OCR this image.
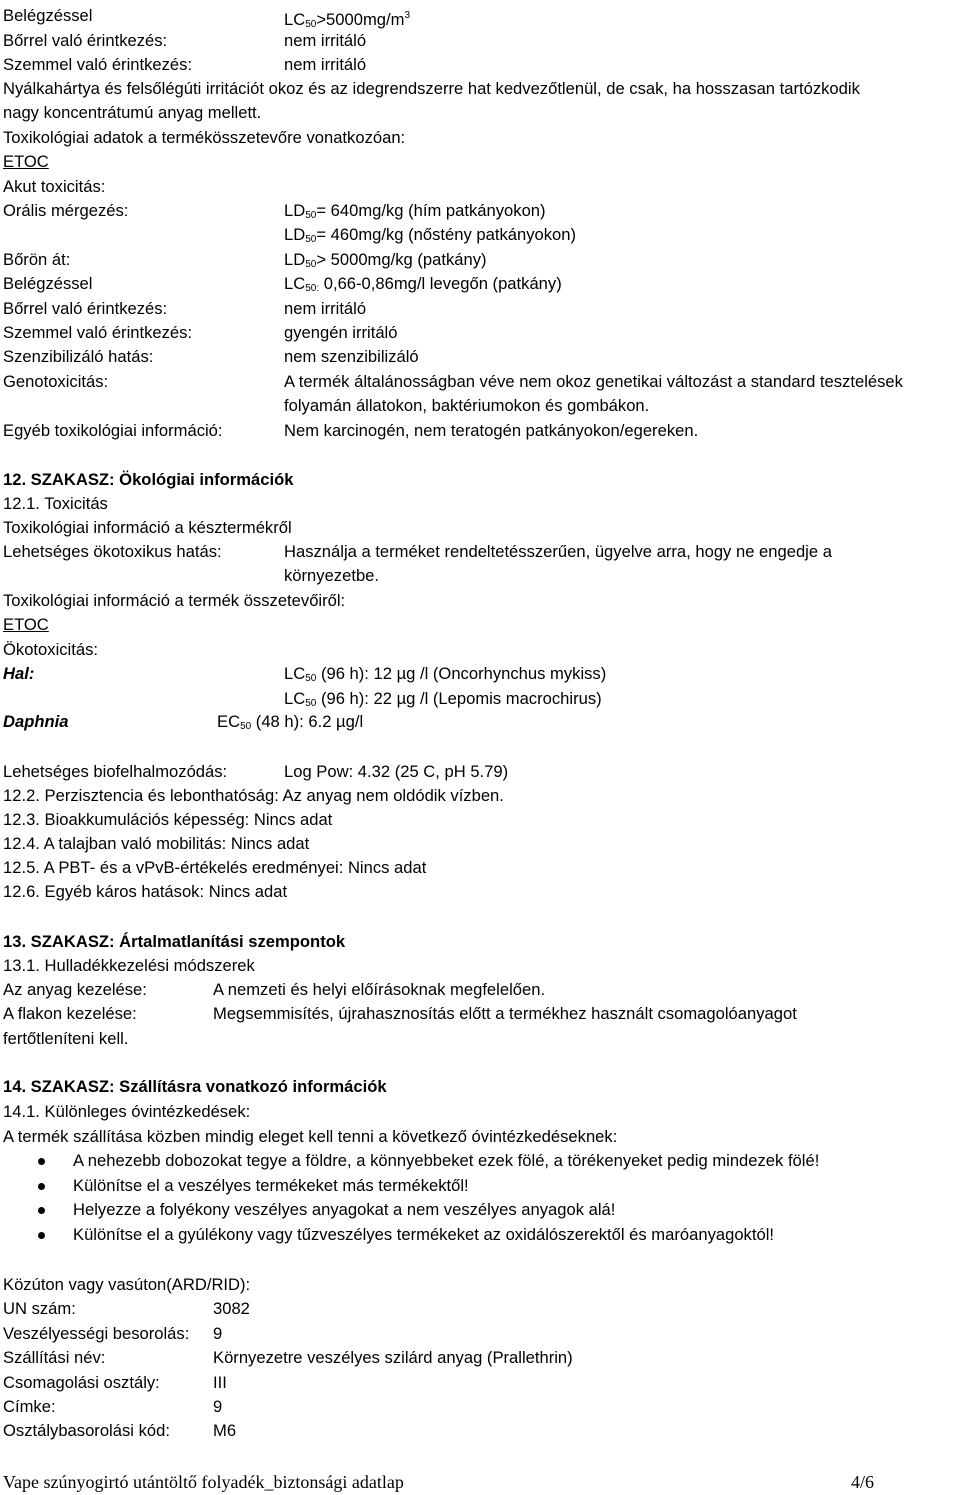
Belégzéssel	$LC_{50}>5000mg/m^3$
Bőrrel való érintkezés:	nem irritáló
Szemmel való érintkezés:	nem irritáló
Nyálkahártya és felsőlégúti irritációt okoz és az idegrendszerre hat kedvezőtlenül, de csak, ha hosszasan tartózkodik
nagy koncentrátumú anyag mellett.
Toxikológiai adatok a termékösszetevőre vonatkozóan:
ETOC
Akut toxicitás:
Orális mérgezés:	$LD_{50}= 640mg/kg$ (hím patkányokon)
$LD_{50}= 460mg/kg$ (nőstény patkányokon)
Bőrön át:	$LD_{50}> 5000mg/kg$ (patkány)
Belégzéssel	$LC_{50:}$ 0,66-0,86mg/l levegőn (patkány)
Bőrrel való érintkezés:	nem irritáló
Szemmel való érintkezés:	gyengén irritáló
Szenzibilizáló hatás:	nem szenzibilizáló
Genotoxicitás:	A termék általánosságban véve nem okoz genetikai változást a standard tesztelések folyamán állatokon, baktériumokon és gombákon.
Egyéb toxikológiai információ:	Nem karcinogén, nem teratogén patkányokon/egereken.
12. SZAKASZ: Ökológiai információk
12.1. Toxicitás
Toxikológiai információ a késztermékről
Lehetséges ökotoxikus hatás:	Használja a terméket rendeltetésszerűen, ügyelve arra, hogy ne engedje a környezetbe.
Toxikológiai információ a termék összetevőiről:
ETOC
Ökotoxicitás:
Hal:	$LC_{50}$ (96 h): 12 µg /l (Oncorhynchus mykiss)
$LC_{50}$ (96 h): 22 µg /l (Lepomis macrochirus)
Daphnia	$EC_{50}$ (48 h): 6.2 µg/l
Lehetséges biofelhalmozódás:	Log Pow: 4.32 (25 C, pH 5.79)
12.2. Perzisztencia és lebonthatóság: Az anyag nem oldódik vízben.
12.3. Bioakkumulációs képesség: Nincs adat
12.4. A talajban való mobilitás: Nincs adat
12.5. A PBT- és a vPvB-értékelés eredményei: Nincs adat
12.6. Egyéb káros hatások: Nincs adat
13. SZAKASZ: Ártalmatlanítási szempontok
13.1. Hulladékkezelési módszerek
Az anyag kezelése:	A nemzeti és helyi előírásoknak megfelelően.
A flakon kezelése:	Megsemmisítés, újrahasznosítás előtt a termékhez használt csomagolóanyagot
fertőtleníteni kell.
14. SZAKASZ: Szállításra vonatkozó információk
14.1. Különleges óvintézkedések:
A termék szállítása közben mindig eleget kell tenni a következő óvintézkedéseknek:
A nehezebb dobozokat tegye a földre, a könnyebbeket ezek fölé, a törékenyeket pedig mindezek fölé!
Különítse el a veszélyes termékeket más termékektől!
Helyezze a folyékony veszélyes anyagokat a nem veszélyes anyagok alá!
Különítse el a gyúlékony vagy tűzveszélyes termékeket az oxidálószerektől és maróanyagoktól!
Közúton vagy vasúton(ARD/RID):
UN szám:	3082
Veszélyességi besorolás: 9
Szállítási név:	Környezetre veszélyes szilárd anyag (Prallethrin)
Csomagolási osztály:	III
Címke:	9
Osztálybasorolási kód:	M6
Vape szúnyogirtó utántöltő folyadék_biztonsági adatlap	4/6
